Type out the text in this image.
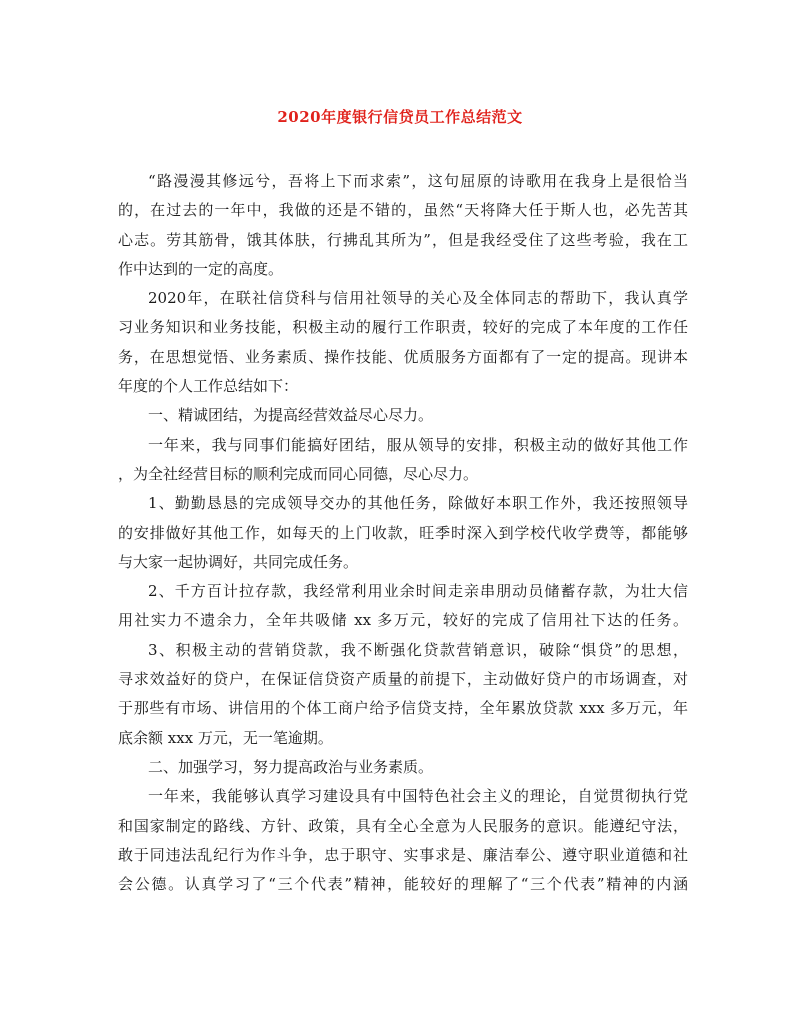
2020年度银行信贷员工作总结范文
“路漫漫其修远兮，吾将上下而求索”，这句屈原的诗歌用在我身上是很恰当
的，在过去的一年中，我做的还是不错的，虽然“天将降大任于斯人也，必先苦其
心志。劳其筋骨，饿其体肤，行拂乱其所为”，但是我经受住了这些考验，我在工
作中达到的一定的高度。
2020年，在联社信贷科与信用社领导的关心及全体同志的帮助下，我认真学
习业务知识和业务技能，积极主动的履行工作职责，较好的完成了本年度的工作任
务，在思想觉悟、业务素质、操作技能、优质服务方面都有了一定的提高。现讲本
年度的个人工作总结如下：
一、精诚团结，为提高经营效益尽心尽力。
一年来，我与同事们能搞好团结，服从领导的安排，积极主动的做好其他工作
，为全社经营目标的顺利完成而同心同德，尽心尽力。
1、勤勤恳恳的完成领导交办的其他任务，除做好本职工作外，我还按照领导
的安排做好其他工作，如每天的上门收款，旺季时深入到学校代收学费等，都能够
与大家一起协调好，共同完成任务。
2、千方百计拉存款，我经常利用业余时间走亲串朋动员储蓄存款，为壮大信
用社实力不遗余力，全年共吸储 xx 多万元，较好的完成了信用社下达的任务。
3、积极主动的营销贷款，我不断强化贷款营销意识，破除“惧贷”的思想，
寻求效益好的贷户，在保证信贷资产质量的前提下，主动做好贷户的市场调查，对
于那些有市场、讲信用的个体工商户给予信贷支持，全年累放贷款 xxx 多万元，年
底余额 xxx 万元，无一笔逾期。
二、加强学习，努力提高政治与业务素质。
一年来，我能够认真学习建设具有中国特色社会主义的理论，自觉贯彻执行党
和国家制定的路线、方针、政策，具有全心全意为人民服务的意识。能遵纪守法，
敢于同违法乱纪行为作斗争，忠于职守、实事求是、廉洁奉公、遵守职业道德和社
会公德。认真学习了“三个代表”精神，能较好的理解了“三个代表”精神的内涵
